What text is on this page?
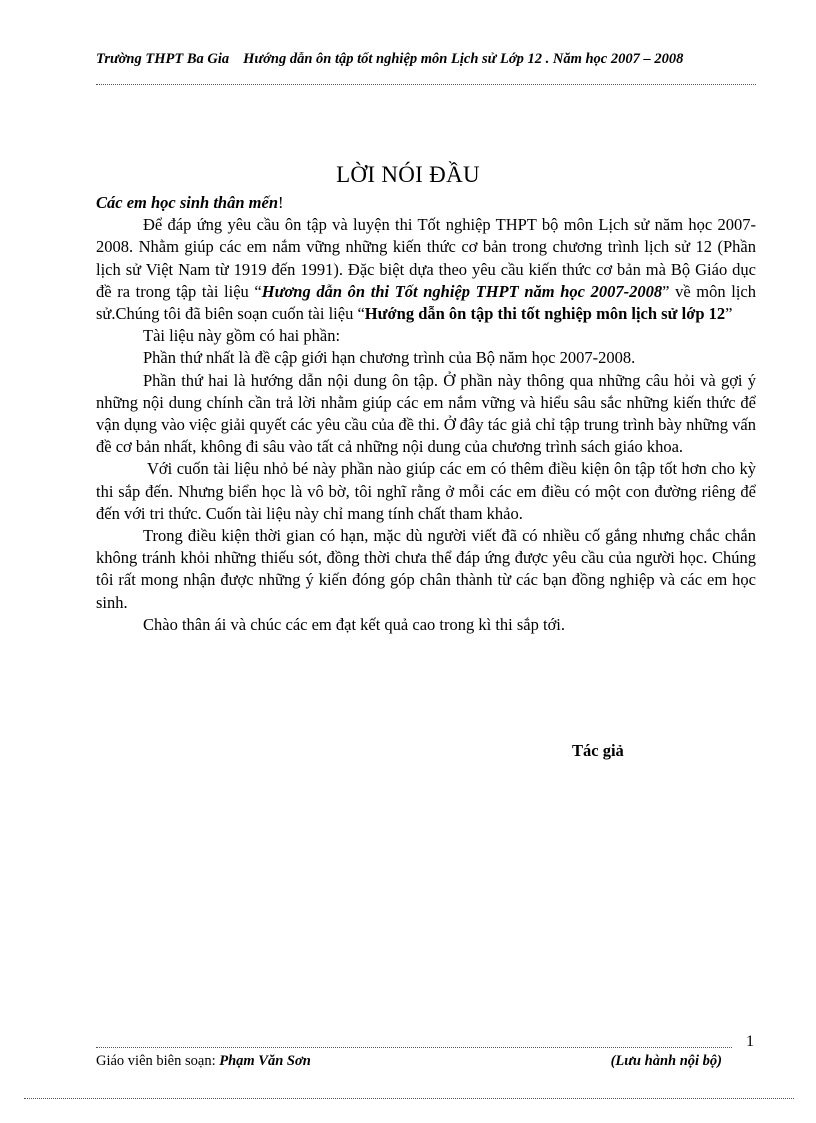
Trường THPT Ba Gia Hướng dẫn ôn tập tốt nghiệp môn Lịch sử Lớp 12 . Năm học 2007 – 2008
LỜI NÓI ĐẦU

Các em học sinh thân mến!

Để đáp ứng yêu cầu ôn tập và luyện thi Tốt nghiệp THPT bộ môn Lịch sử năm học 2007-2008. Nhằm giúp các em nắm vững những kiến thức cơ bản trong chương trình lịch sử 12 (Phần lịch sử Việt Nam từ 1919 đến 1991). Đặc biệt dựa theo yêu cầu kiến thức cơ bản mà Bộ Giáo dục đề ra trong tập tài liệu “Hương dẫn ôn thi Tốt nghiệp THPT năm học 2007-2008” về môn lịch sử.Chúng tôi đã biên soạn cuốn tài liệu “Hướng dẫn ôn tập thi tốt nghiệp môn lịch sử lớp 12”

Tài liệu này gồm có hai phần:

Phần thứ nhất là đề cập giới hạn chương trình của Bộ năm học 2007-2008.

Phần thứ hai là hướng dẫn nội dung ôn tập. Ở phần này thông qua những câu hỏi và gợi ý những nội dung chính cần trả lời nhằm giúp các em nắm vững và hiểu sâu sắc những kiến thức để vận dụng vào việc giải quyết các yêu cầu của đề thi. Ở đây tác giả chỉ tập trung trình bày những vấn đề cơ bản nhất, không đi sâu vào tất cả những nội dung của chương trình sách giáo khoa.

Với cuốn tài liệu nhỏ bé này phần nào giúp các em có thêm điều kiện ôn tập tốt hơn cho kỳ thi sắp đến. Nhưng biển học là vô bờ, tôi nghĩ rằng ở mỗi các em điều có một con đường riêng để đến với tri thức. Cuốn tài liệu này chỉ mang tính chất tham khảo.

Trong điều kiện thời gian có hạn, mặc dù người viết đã có nhiều cố gắng nhưng chắc chắn không tránh khỏi những thiếu sót, đồng thời chưa thể đáp ứng được yêu cầu của người học. Chúng tôi rất mong nhận được những ý kiến đóng góp chân thành từ các bạn đồng nghiệp và các em học sinh.

Chào thân ái và chúc các em đạt kết quả cao trong kì thi sắp tới.

Tác giả
1
Giáo viên biên soạn: Phạm Văn Sơn	(Lưu hành nội bộ)
